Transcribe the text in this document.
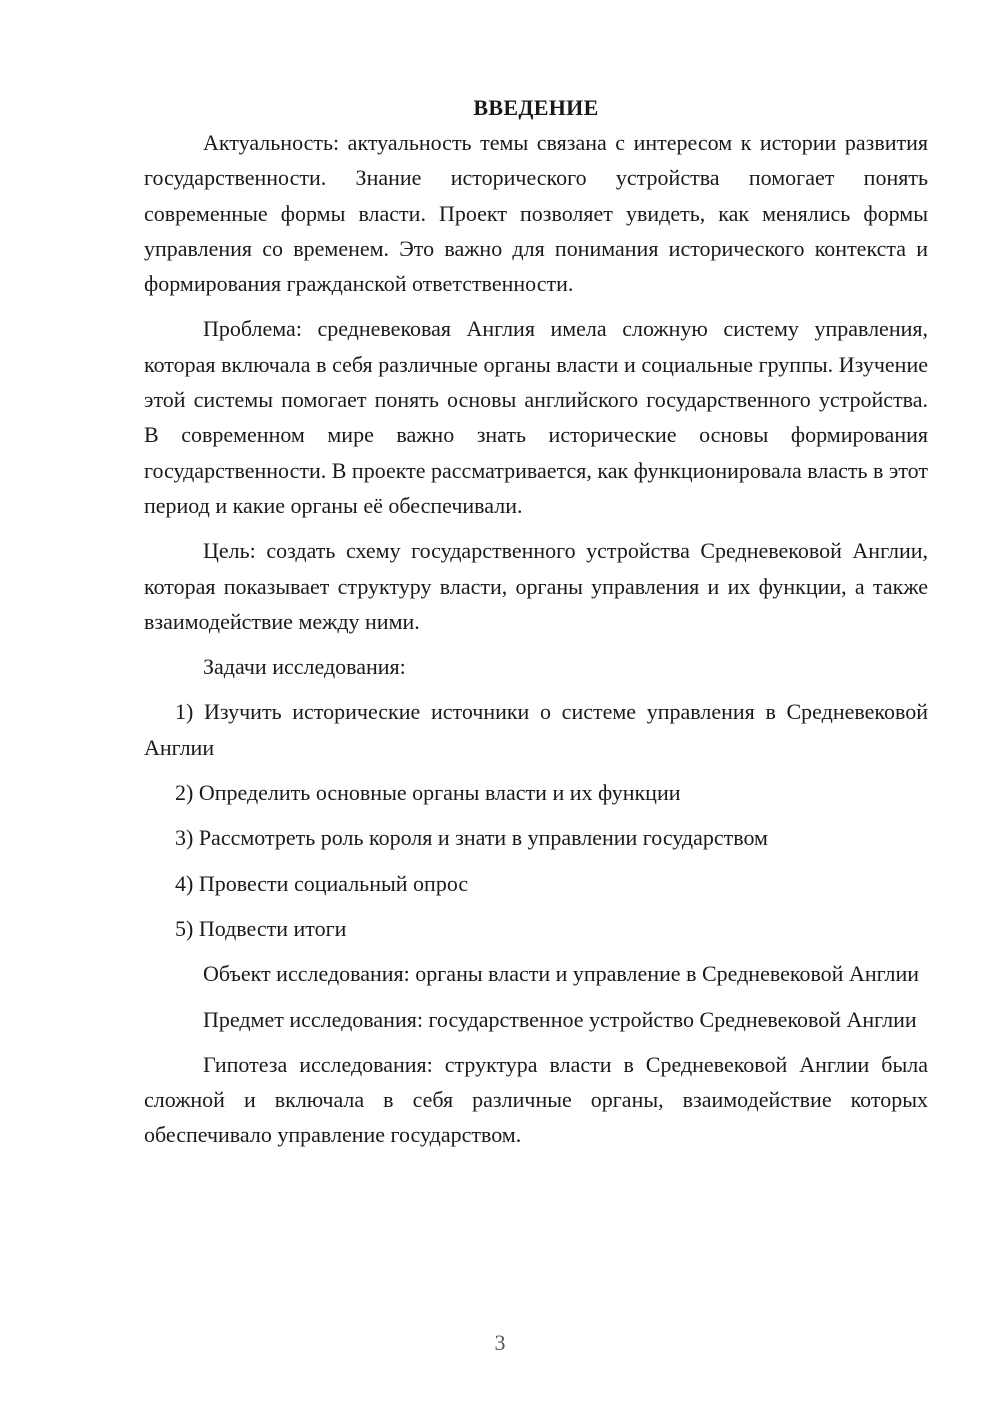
ВВЕДЕНИЕ

Актуальность: актуальность темы связана с интересом к истории развития государственности. Знание исторического устройства помогает понять современные формы власти. Проект позволяет увидеть, как менялись формы управления со временем. Это важно для понимания исторического контекста и формирования гражданской ответственности.

Проблема: средневековая Англия имела сложную систему управления, которая включала в себя различные органы власти и социальные группы. Изучение этой системы помогает понять основы английского государственного устройства. В современном мире важно знать исторические основы формирования государственности. В проекте рассматривается, как функционировала власть в этот период и какие органы её обеспечивали.

Цель: создать схему государственного устройства Средневековой Англии, которая показывает структуру власти, органы управления и их функции, а также взаимодействие между ними.

Задачи исследования:

1) Изучить исторические источники о системе управления в Средневековой Англии

2) Определить основные органы власти и их функции

3) Рассмотреть роль короля и знати в управлении государством

4) Провести социальный опрос

5) Подвести итоги

Объект исследования: органы власти и управление в Средневековой Англии

Предмет исследования: государственное устройство Средневековой Англии

Гипотеза исследования: структура власти в Средневековой Англии была сложной и включала в себя различные органы, взаимодействие которых обеспечивало управление государством.

3
